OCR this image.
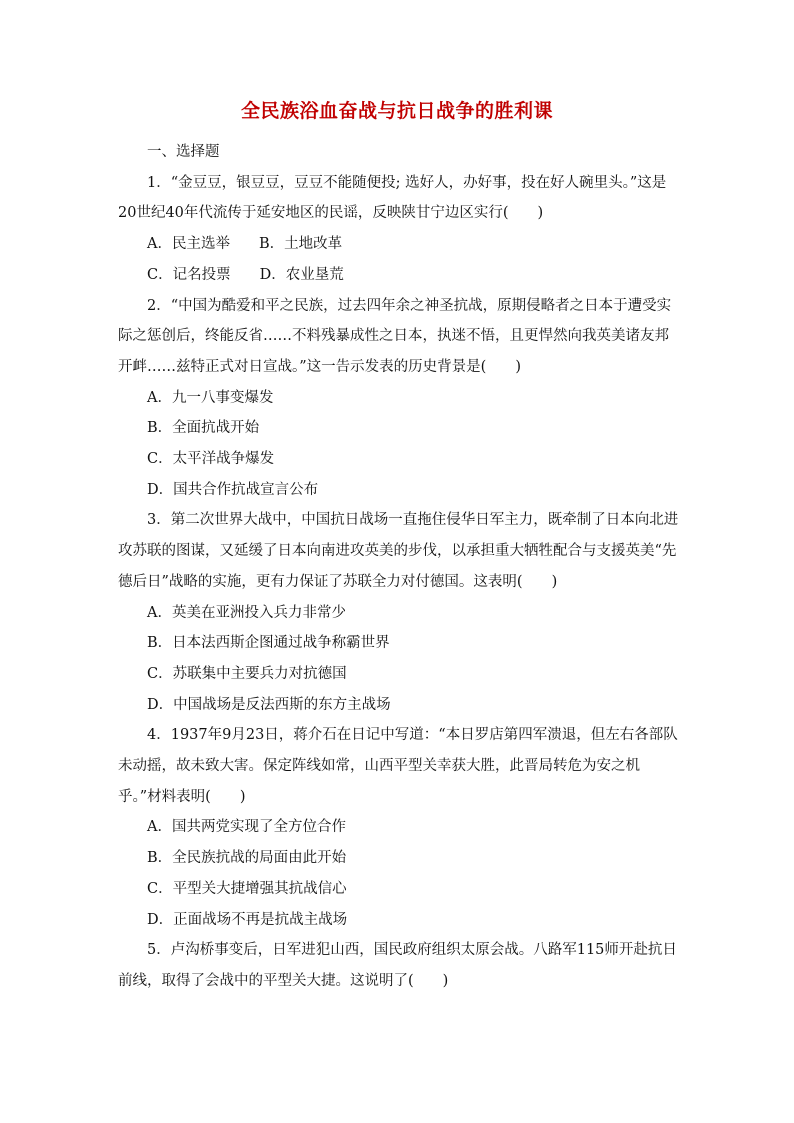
全民族浴血奋战与抗日战争的胜利课

一、选择题

1．“金豆豆，银豆豆，豆豆不能随便投; 选好人，办好事，投在好人碗里头。”这是20世纪40年代流传于延安地区的民谣，反映陕甘宁边区实行(　　)

A．民主选举　　B．土地改革

C．记名投票　　D．农业垦荒

2．“中国为酷爱和平之民族，过去四年余之神圣抗战，原期侵略者之日本于遭受实际之惩创后，终能反省……不料残暴成性之日本，执迷不悟，且更悍然向我英美诸友邦开衅……兹特正式对日宣战。”这一告示发表的历史背景是(　　)

A．九一八事变爆发

B．全面抗战开始

C．太平洋战争爆发

D．国共合作抗战宣言公布

3．第二次世界大战中，中国抗日战场一直拖住侵华日军主力，既牵制了日本向北进攻苏联的图谋，又延缓了日本向南进攻英美的步伐，以承担重大牺牲配合与支援英美“先德后日”战略的实施，更有力保证了苏联全力对付德国。这表明(　　)

A．英美在亚洲投入兵力非常少

B．日本法西斯企图通过战争称霸世界

C．苏联集中主要兵力对抗德国

D．中国战场是反法西斯的东方主战场

4．1937年9月23日，蒋介石在日记中写道：“本日罗店第四军溃退，但左右各部队未动摇，故未致大害。保定阵线如常，山西平型关幸获大胜，此晋局转危为安之机乎。”材料表明(　　)

A．国共两党实现了全方位合作

B．全民族抗战的局面由此开始

C．平型关大捷增强其抗战信心

D．正面战场不再是抗战主战场

5．卢沟桥事变后，日军进犯山西，国民政府组织太原会战。八路军115师开赴抗日前线，取得了会战中的平型关大捷。这说明了(　　)
